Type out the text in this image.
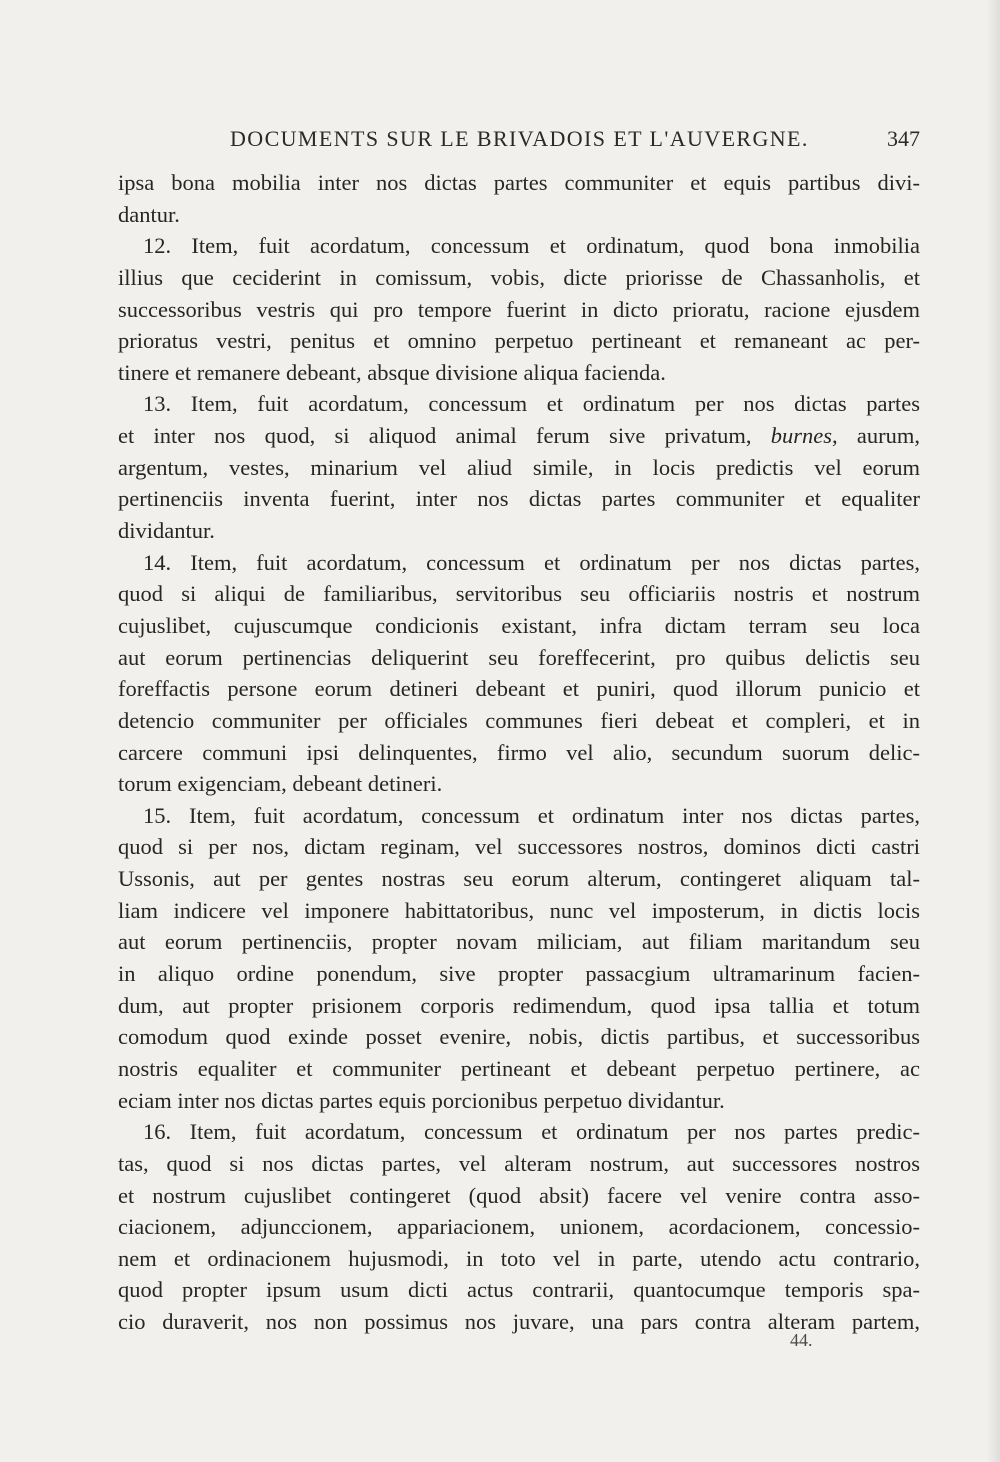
DOCUMENTS SUR LE BRIVADOIS ET L'AUVERGNE.	347
ipsa bona mobilia inter nos dictas partes communiter et equis partibus divi-
dantur.
12. Item, fuit acordatum, concessum et ordinatum, quod bona inmobilia
illius que ceciderint in comissum, vobis, dicte priorisse de Chassanholis, et
successoribus vestris qui pro tempore fuerint in dicto prioratu, racione ejusdem
prioratus vestri, penitus et omnino perpetuo pertineant et remaneant ac per-
tinere et remanere debeant, absque divisione aliqua facienda.
13. Item, fuit acordatum, concessum et ordinatum per nos dictas partes
et inter nos quod, si aliquod animal ferum sive privatum, burnes, aurum,
argentum, vestes, minarium vel aliud simile, in locis predictis vel eorum
pertinenciis inventa fuerint, inter nos dictas partes communiter et equaliter
dividantur.
14. Item, fuit acordatum, concessum et ordinatum per nos dictas partes,
quod si aliqui de familiaribus, servitoribus seu officiariis nostris et nostrum
cujuslibet, cujuscumque condicionis existant, infra dictam terram seu loca
aut eorum pertinencias deliquerint seu foreffecerint, pro quibus delictis seu
foreffactis persone eorum detineri debeant et puniri, quod illorum punicio et
detencio communiter per officiales communes fieri debeat et compleri, et in
carcere communi ipsi delinquentes, firmo vel alio, secundum suorum delic-
torum exigenciam, debeant detineri.
15. Item, fuit acordatum, concessum et ordinatum inter nos dictas partes,
quod si per nos, dictam reginam, vel successores nostros, dominos dicti castri
Ussonis, aut per gentes nostras seu eorum alterum, contingeret aliquam tal-
liam indicere vel imponere habittatoribus, nunc vel imposterum, in dictis locis
aut eorum pertinenciis, propter novam miliciam, aut filiam maritandum seu
in aliquo ordine ponendum, sive propter passacgium ultramarinum facien-
dum, aut propter prisionem corporis redimendum, quod ipsa tallia et totum
comodum quod exinde posset evenire, nobis, dictis partibus, et successoribus
nostris equaliter et communiter pertineant et debeant perpetuo pertinere, ac
eciam inter nos dictas partes equis porcionibus perpetuo dividantur.
16. Item, fuit acordatum, concessum et ordinatum per nos partes predic-
tas, quod si nos dictas partes, vel alteram nostrum, aut successores nostros
et nostrum cujuslibet contingeret (quod absit) facere vel venire contra asso-
ciacionem, adjunccionem, appariacionem, unionem, acordacionem, concessio-
nem et ordinacionem hujusmodi, in toto vel in parte, utendo actu contrario,
quod propter ipsum usum dicti actus contrarii, quantocumque temporis spa-
cio duraverit, nos non possimus nos juvare, una pars contra alteram partem,
44.
